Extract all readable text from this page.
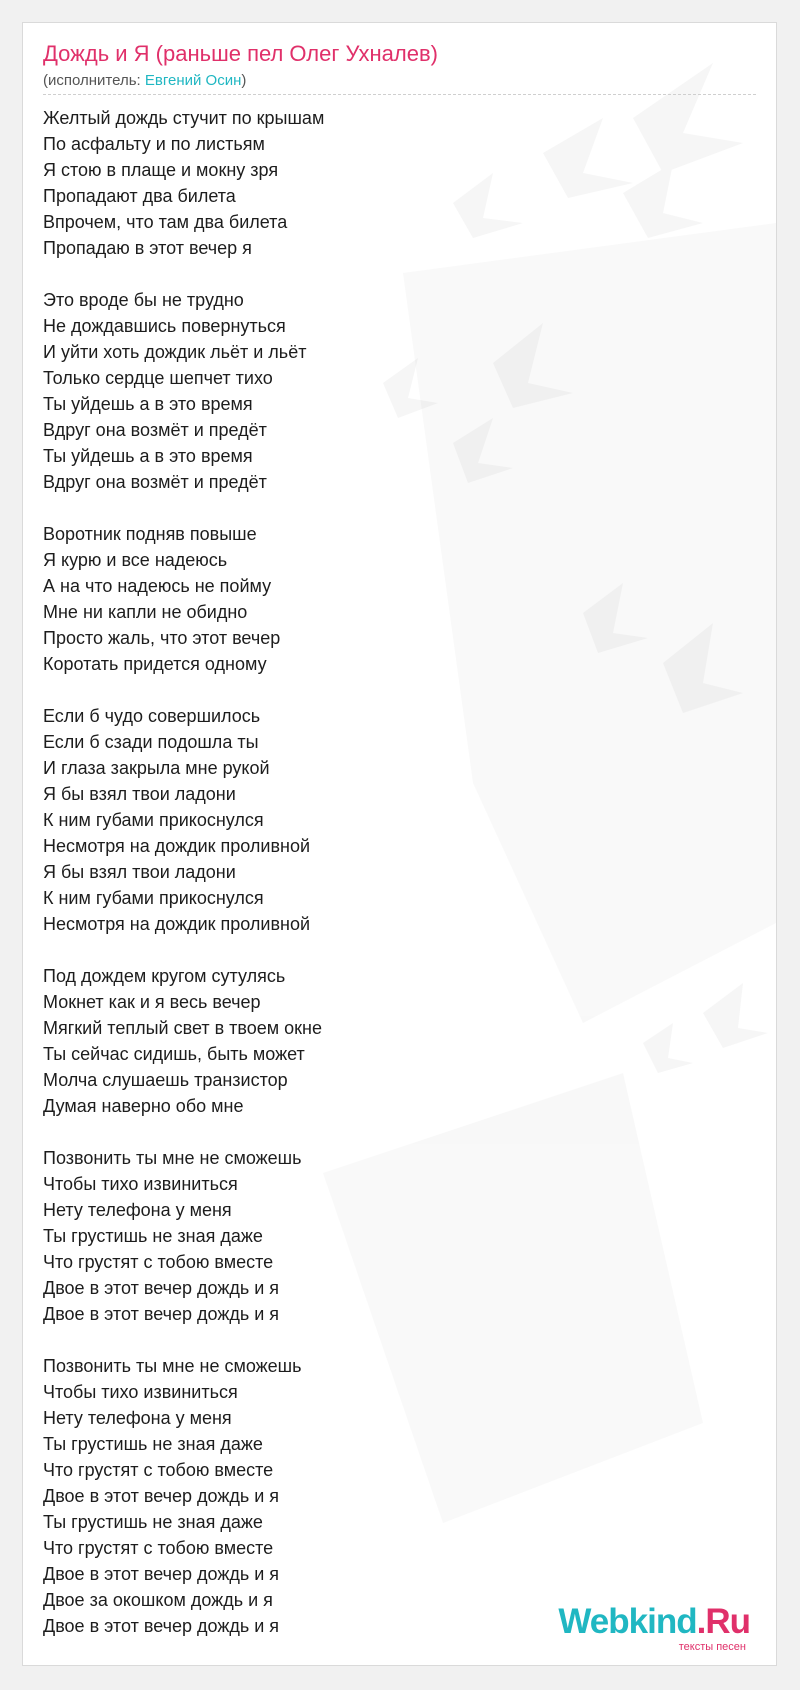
Дождь и Я (раньше пел Олег Ухналев)
(исполнитель: Евгений Осин)
Желтый дождь стучит по крышам
По асфальту и по листьям
Я стою в плаще и мокну зря
Пропадают два билета
Впрочем, что там два билета
Пропадаю в этот вечер я
Это вроде бы не трудно
Не дождавшись повернуться
И уйти хоть дождик льёт и льёт
Только сердце шепчет тихо
Ты уйдешь а в это время
Вдруг она возмёт и предёт
Ты уйдешь а в это время
Вдруг она возмёт и предёт
Воротник подняв повыше
Я курю и все надеюсь
А на что надеюсь не пойму
Мне ни капли не обидно
Просто жаль, что этот вечер
Коротать придется одному
Если б чудо совершилось
Если б сзади подошла ты
И глаза закрыла мне рукой
Я бы взял твои ладони
К ним губами прикоснулся
Несмотря на дождик проливной
Я бы взял твои ладони
К ним губами прикоснулся
Несмотря на дождик проливной
Под дождем кругом сутулясь
Мокнет как и я весь вечер
Мягкий теплый свет в твоем окне
Ты сейчас сидишь, быть может
Молча слушаешь транзистор
Думая наверно обо мне
Позвонить ты мне не сможешь
Чтобы тихо извиниться
Нету телефона у меня
Ты грустишь не зная даже
Что грустят с тобою вместе
Двое в этот вечер дождь и я
Двое в этот вечер дождь и я
Позвонить ты мне не сможешь
Чтобы тихо извиниться
Нету телефона у меня
Ты грустишь не зная даже
Что грустят с тобою вместе
Двое в этот вечер дождь и я
Ты грустишь не зная даже
Что грустят с тобою вместе
Двое в этот вечер дождь и я
Двое за окошком дождь и я
Двое в этот вечер дождь и я	Webkind.Ru
тексты песен
